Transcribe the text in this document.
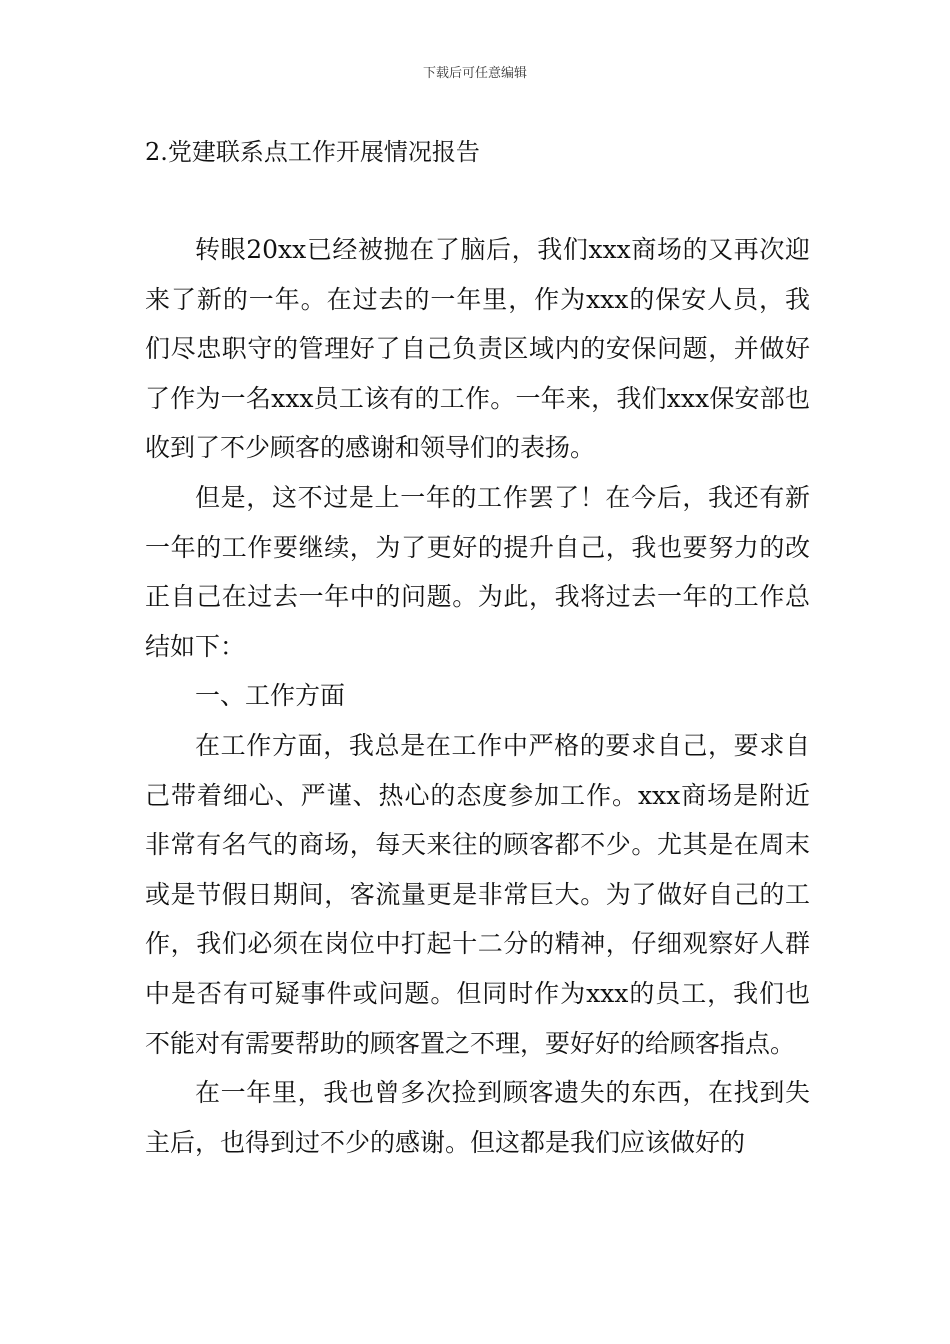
下载后可任意编辑
2.党建联系点工作开展情况报告

转眼20xx已经被抛在了脑后，我们xxx商场的又再次迎来了新的一年。在过去的一年里，作为xxx的保安人员，我们尽忠职守的管理好了自己负责区域内的安保问题，并做好了作为一名xxx员工该有的工作。一年来，我们xxx保安部也收到了不少顾客的感谢和领导们的表扬。

但是，这不过是上一年的工作罢了！在今后，我还有新一年的工作要继续，为了更好的提升自己，我也要努力的改正自己在过去一年中的问题。为此，我将过去一年的工作总结如下：

一、工作方面

在工作方面，我总是在工作中严格的要求自己，要求自己带着细心、严谨、热心的态度参加工作。xxx商场是附近非常有名气的商场，每天来往的顾客都不少。尤其是在周末或是节假日期间，客流量更是非常巨大。为了做好自己的工作，我们必须在岗位中打起十二分的精神，仔细观察好人群中是否有可疑事件或问题。但同时作为xxx的员工，我们也不能对有需要帮助的顾客置之不理，要好好的给顾客指点。

在一年里，我也曾多次捡到顾客遗失的东西，在找到失主后，也得到过不少的感谢。但这都是我们应该做好的
